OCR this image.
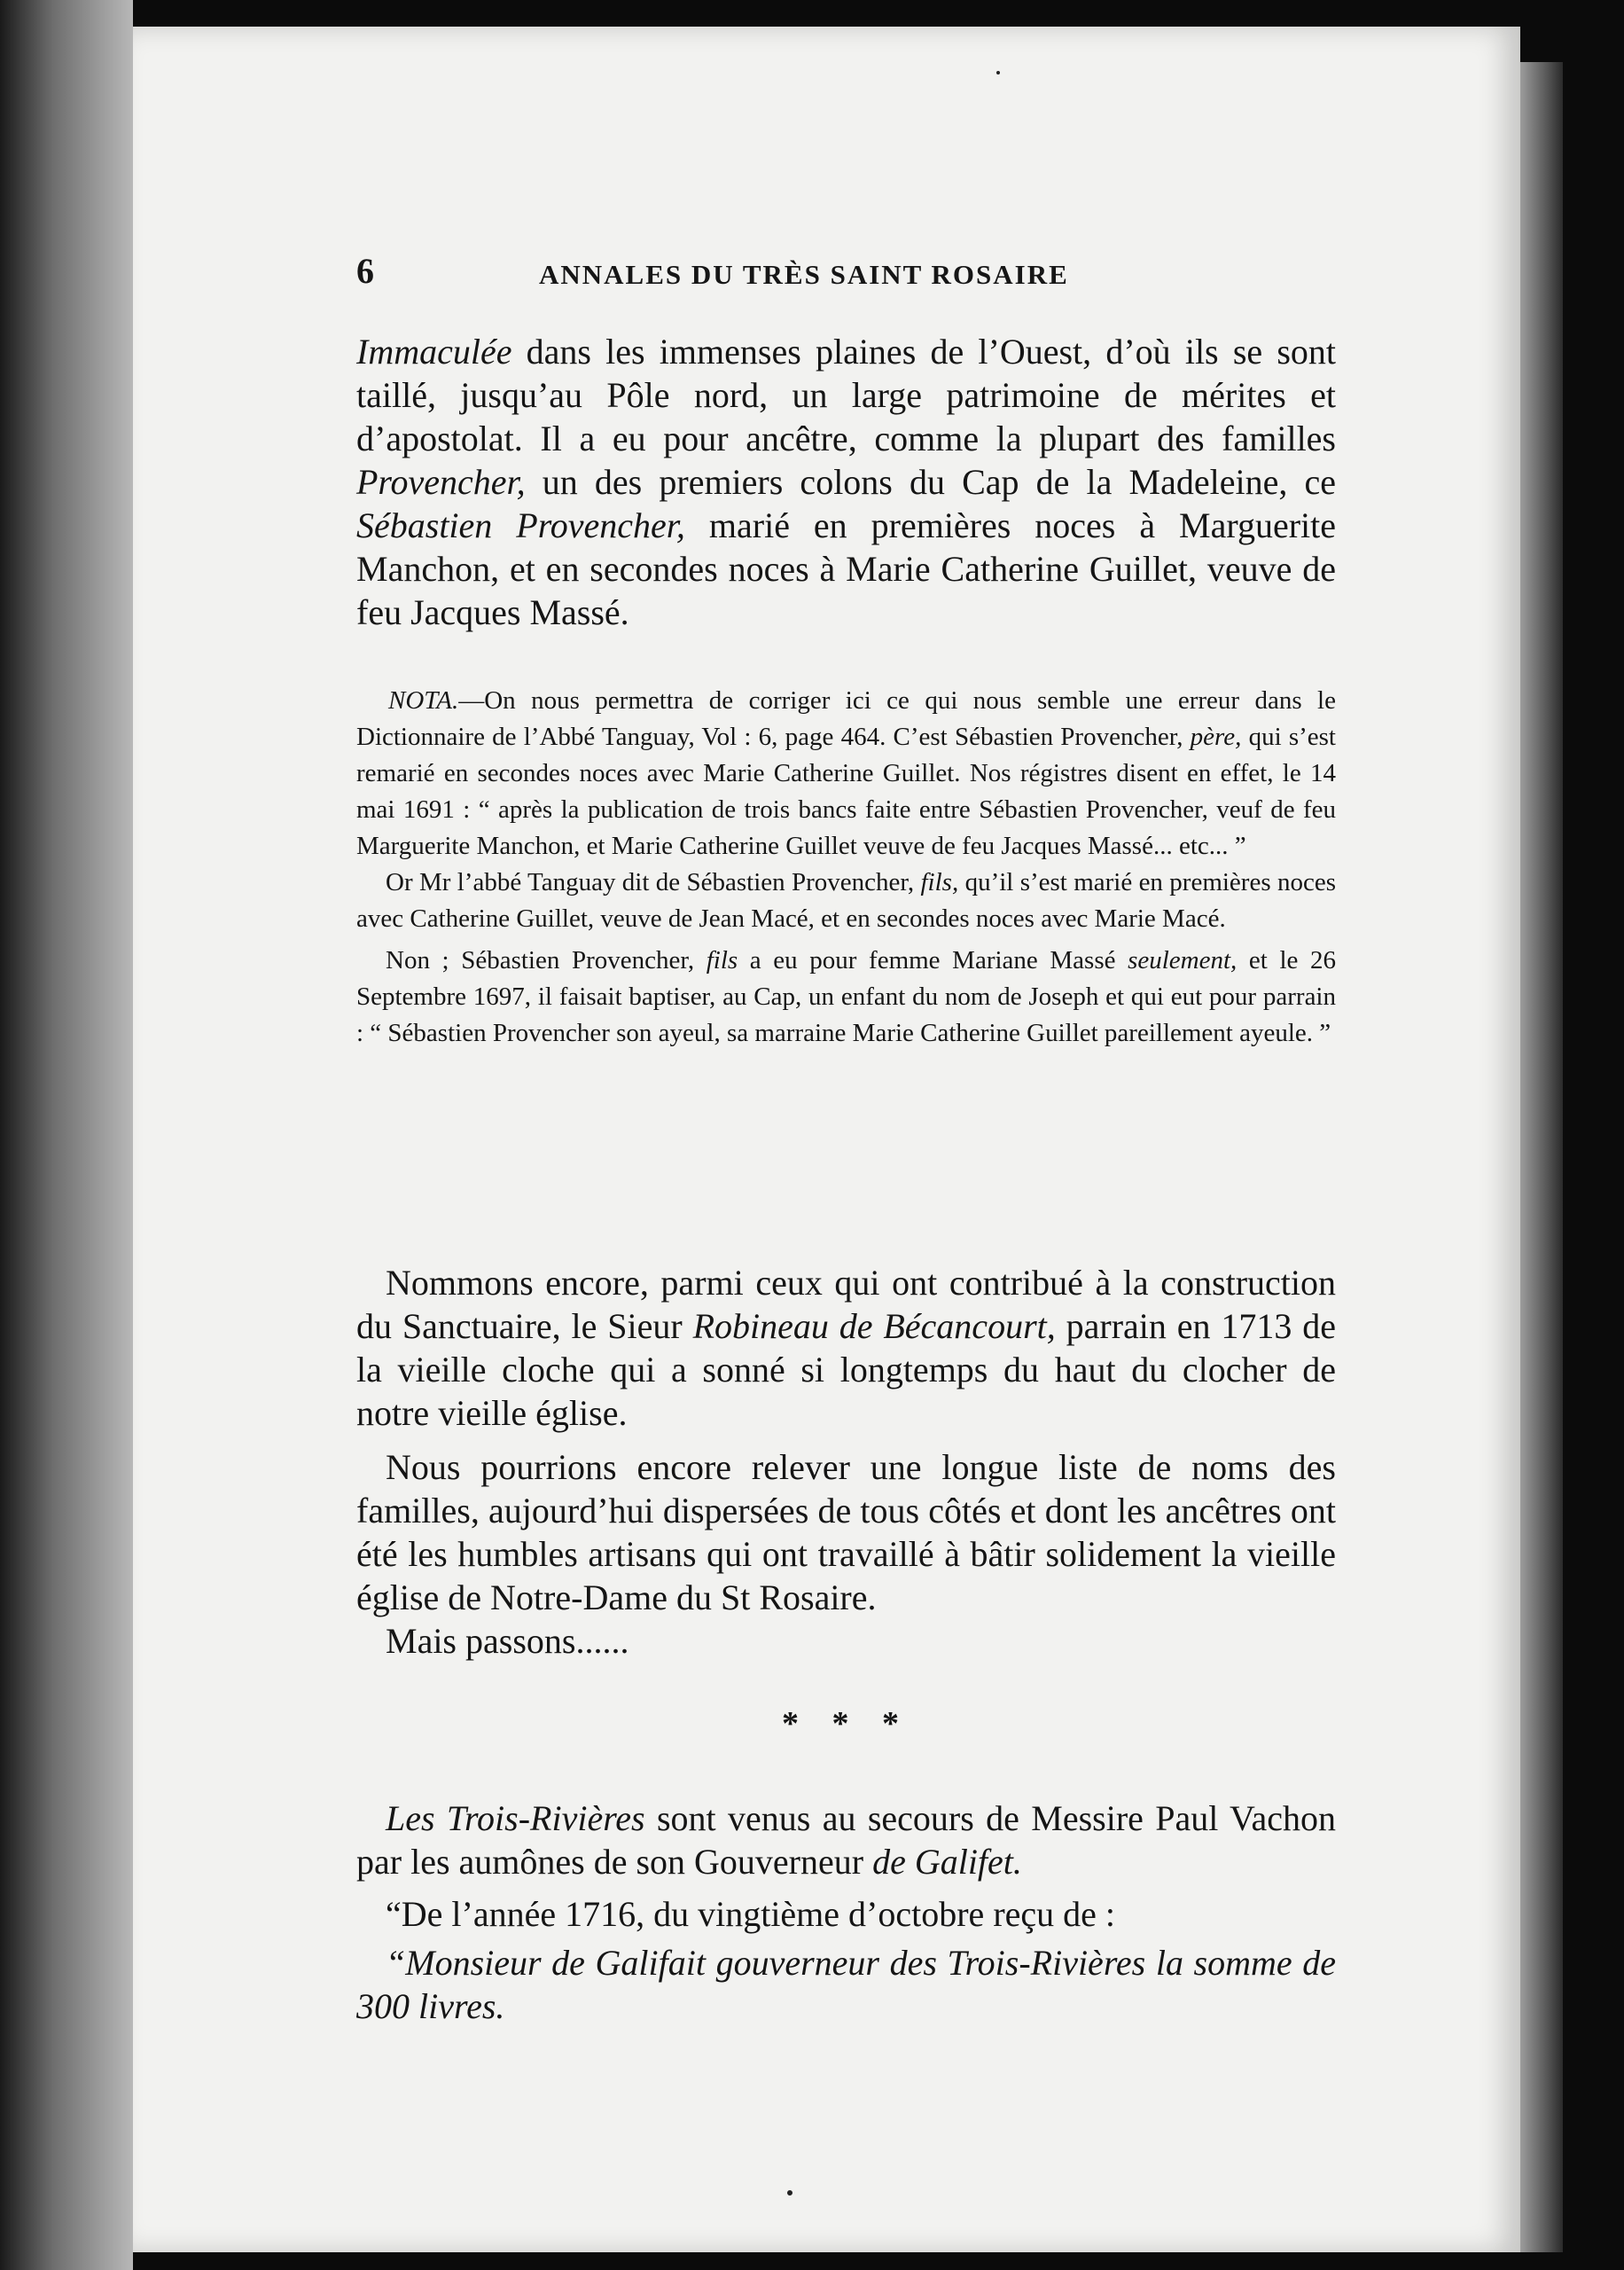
6	ANNALES DU TRÈS SAINT ROSAIRE

Immaculée dans les immenses plaines de l’Ouest, d’où ils se sont taillé, jusqu’au Pôle nord, un large patrimoine de mérites et d’apostolat. Il a eu pour ancêtre, comme la plupart des familles Provencher, un des premiers colons du Cap de la Madeleine, ce Sébastien Provencher, marié en premières noces à Marguerite Manchon, et en secondes noces à Marie Catherine Guillet, veuve de feu Jacques Massé.

NOTA.—On nous permettra de corriger ici ce qui nous semble une erreur dans le Dictionnaire de l’Abbé Tanguay, Vol : 6, page 464. C’est Sébastien Provencher, père, qui s’est remarié en secondes noces avec Marie Catherine Guillet. Nos régistres disent en effet, le 14 mai 1691 : “ après la publication de trois bancs faite entre Sébastien Provencher, veuf de feu Marguerite Manchon, et Marie Catherine Guillet veuve de feu Jacques Massé... etc... ”

Or Mr l’abbé Tanguay dit de Sébastien Provencher, fils, qu’il s’est marié en premières noces avec Catherine Guillet, veuve de Jean Macé, et en secondes noces avec Marie Macé.

Non ; Sébastien Provencher, fils a eu pour femme Mariane Massé seulement, et le 26 Septembre 1697, il faisait baptiser, au Cap, un enfant du nom de Joseph et qui eut pour parrain : “ Sébastien Provencher son ayeul, sa marraine Marie Catherine Guillet pareillement ayeule. ”

Nommons encore, parmi ceux qui ont contribué à la construction du Sanctuaire, le Sieur Robineau de Bécancourt, parrain en 1713 de la vieille cloche qui a sonné si longtemps du haut du clocher de notre vieille église.

Nous pourrions encore relever une longue liste de noms des familles, aujourd’hui dispersées de tous côtés et dont les ancêtres ont été les humbles artisans qui ont travaillé à bâtir solidement la vieille église de Notre-Dame du St Rosaire.

Mais passons......

* * *

Les Trois-Rivières sont venus au secours de Messire Paul Vachon par les aumônes de son Gouverneur de Galifet.

“De l’année 1716, du vingtième d’octobre reçu de :

“Monsieur de Galifait gouverneur des Trois-Rivières la somme de 300 livres.
